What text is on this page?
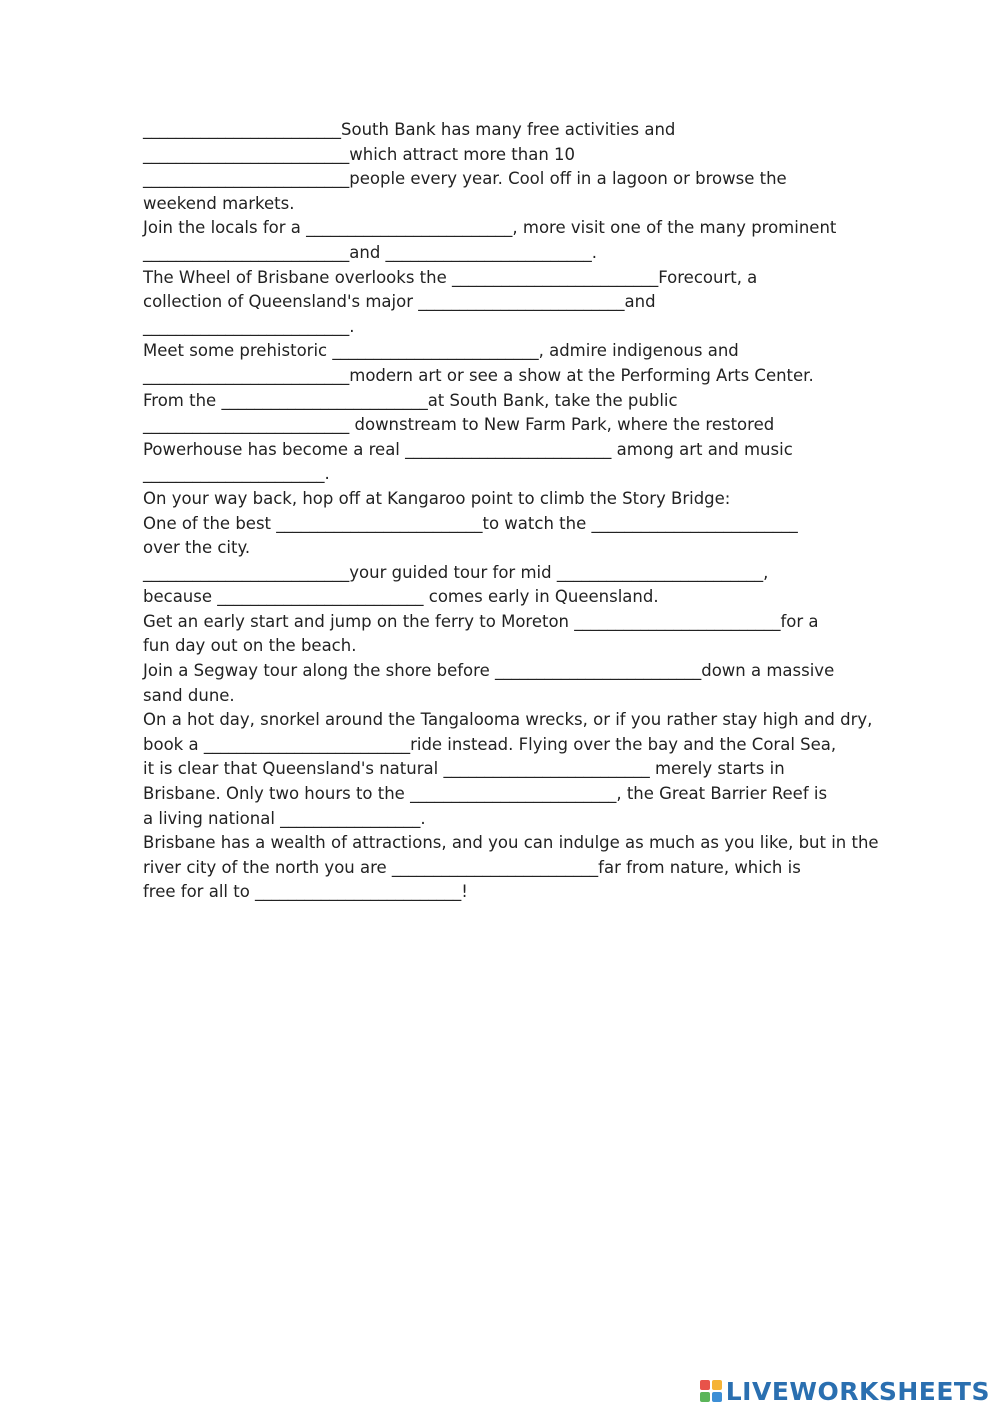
________________________South Bank has many free activities and
_________________________which attract more than 10
_________________________people every year. Cool off in a lagoon or browse the
weekend markets.
Join the locals for a _________________________, more visit one of the many prominent
_________________________and _________________________.
The Wheel of Brisbane overlooks the _________________________Forecourt, a
collection of Queensland's major _________________________and
_________________________.
Meet some prehistoric _________________________, admire indigenous and
_________________________modern art or see a show at the Performing Arts Center.
From the _________________________at South Bank, take the public
_________________________ downstream to New Farm Park, where the restored
Powerhouse has become a real _________________________ among art and music
______________________.
On your way back, hop off at Kangaroo point to climb the Story Bridge:
One of the best _________________________to watch the _________________________
over the city.
_________________________your guided tour for mid _________________________,
because _________________________ comes early in Queensland.
Get an early start and jump on the ferry to Moreton _________________________for a
fun day out on the beach.
Join a Segway tour along the shore before _________________________down a massive
sand dune.
On a hot day, snorkel around the Tangalooma wrecks, or if you rather stay high and dry,
book a _________________________ride instead. Flying over the bay and the Coral Sea,
it is clear that Queensland's natural _________________________ merely starts in
Brisbane. Only two hours to the _________________________, the Great Barrier Reef is
a living national _________________.
Brisbane has a wealth of attractions, and you can indulge as much as you like, but in the
river city of the north you are _________________________far from nature, which is
free for all to _________________________!
LIVEWORKSHEETS
